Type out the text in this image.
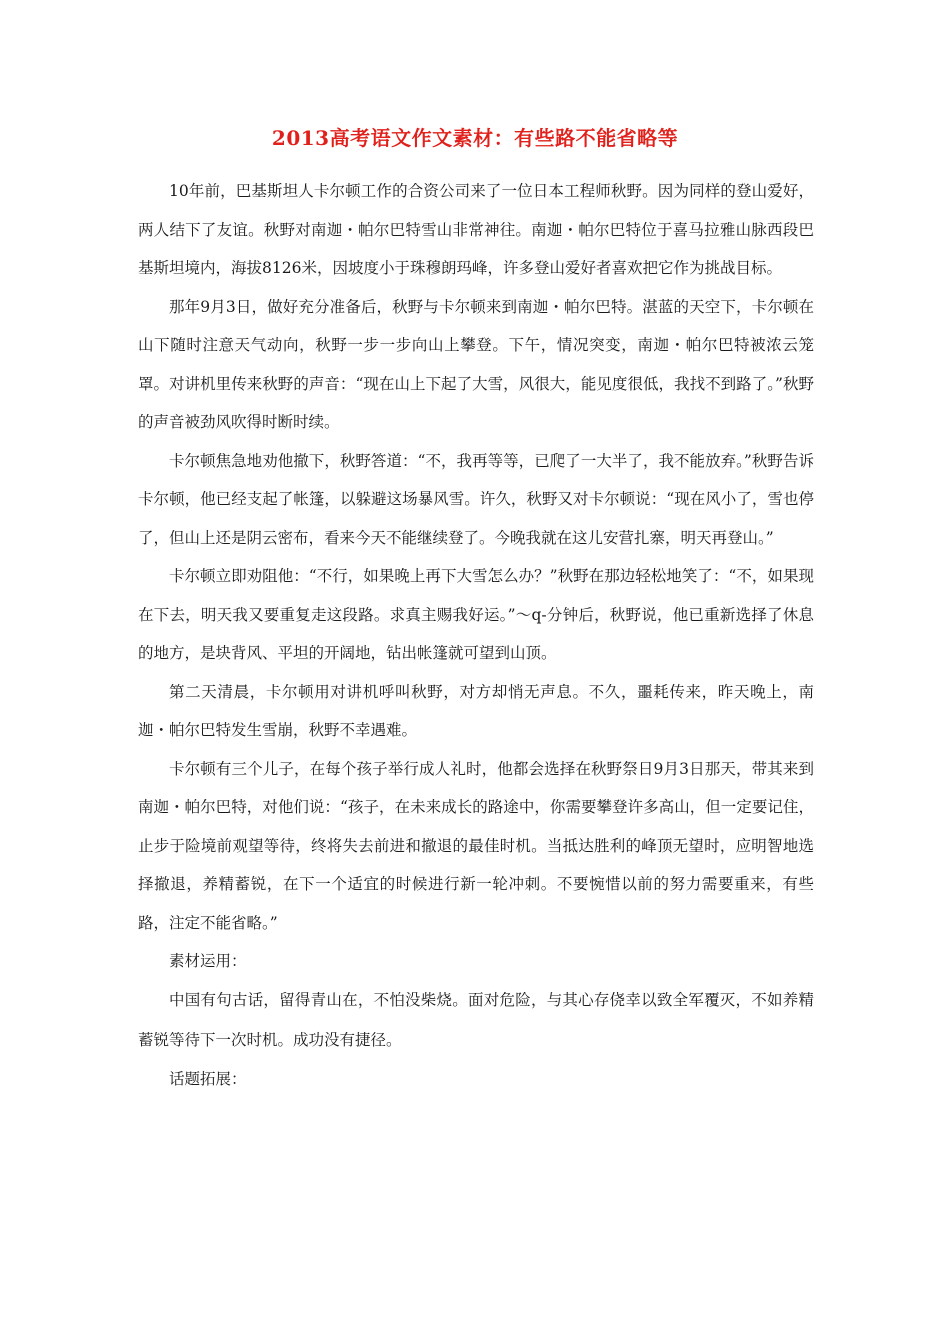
2013高考语文作文素材：有些路不能省略等

10年前，巴基斯坦人卡尔顿工作的合资公司来了一位日本工程师秋野。因为同样的登山爱好，两人结下了友谊。秋野对南迦・帕尔巴特雪山非常神往。南迦・帕尔巴特位于喜马拉雅山脉西段巴基斯坦境内，海拔8126米，因坡度小于珠穆朗玛峰，许多登山爱好者喜欢把它作为挑战目标。

那年9月3日，做好充分准备后，秋野与卡尔顿来到南迦・帕尔巴特。湛蓝的天空下，卡尔顿在山下随时注意天气动向，秋野一步一步向山上攀登。下午，情况突变，南迦・帕尔巴特被浓云笼罩。对讲机里传来秋野的声音：“现在山上下起了大雪，风很大，能见度很低，我找不到路了。”秋野的声音被劲风吹得时断时续。

卡尔顿焦急地劝他撤下，秋野答道：“不，我再等等，已爬了一大半了，我不能放弃。”秋野告诉卡尔顿，他已经支起了帐篷，以躲避这场暴风雪。许久，秋野又对卡尔顿说：“现在风小了，雪也停了，但山上还是阴云密布，看来今天不能继续登了。今晚我就在这儿安营扎寨，明天再登山。”

卡尔顿立即劝阻他：“不行，如果晚上再下大雪怎么办？”秋野在那边轻松地笑了：“不，如果现在下去，明天我又要重复走这段路。求真主赐我好运。”～q-分钟后，秋野说，他已重新选择了休息的地方，是块背风、平坦的开阔地，钻出帐篷就可望到山顶。

第二天清晨，卡尔顿用对讲机呼叫秋野，对方却悄无声息。不久，噩耗传来，昨天晚上，南迦・帕尔巴特发生雪崩，秋野不幸遇难。

卡尔顿有三个儿子，在每个孩子举行成人礼时，他都会选择在秋野祭日9月3日那天，带其来到南迦・帕尔巴特，对他们说：“孩子，在未来成长的路途中，你需要攀登许多高山，但一定要记住，止步于险境前观望等待，终将失去前进和撤退的最佳时机。当抵达胜利的峰顶无望时，应明智地选择撤退，养精蓄锐，在下一个适宜的时候进行新一轮冲刺。不要惋惜以前的努力需要重来，有些路，注定不能省略。”

素材运用：

中国有句古话，留得青山在，不怕没柴烧。面对危险，与其心存侥幸以致全军覆灭，不如养精蓄锐等待下一次时机。成功没有捷径。

话题拓展：
